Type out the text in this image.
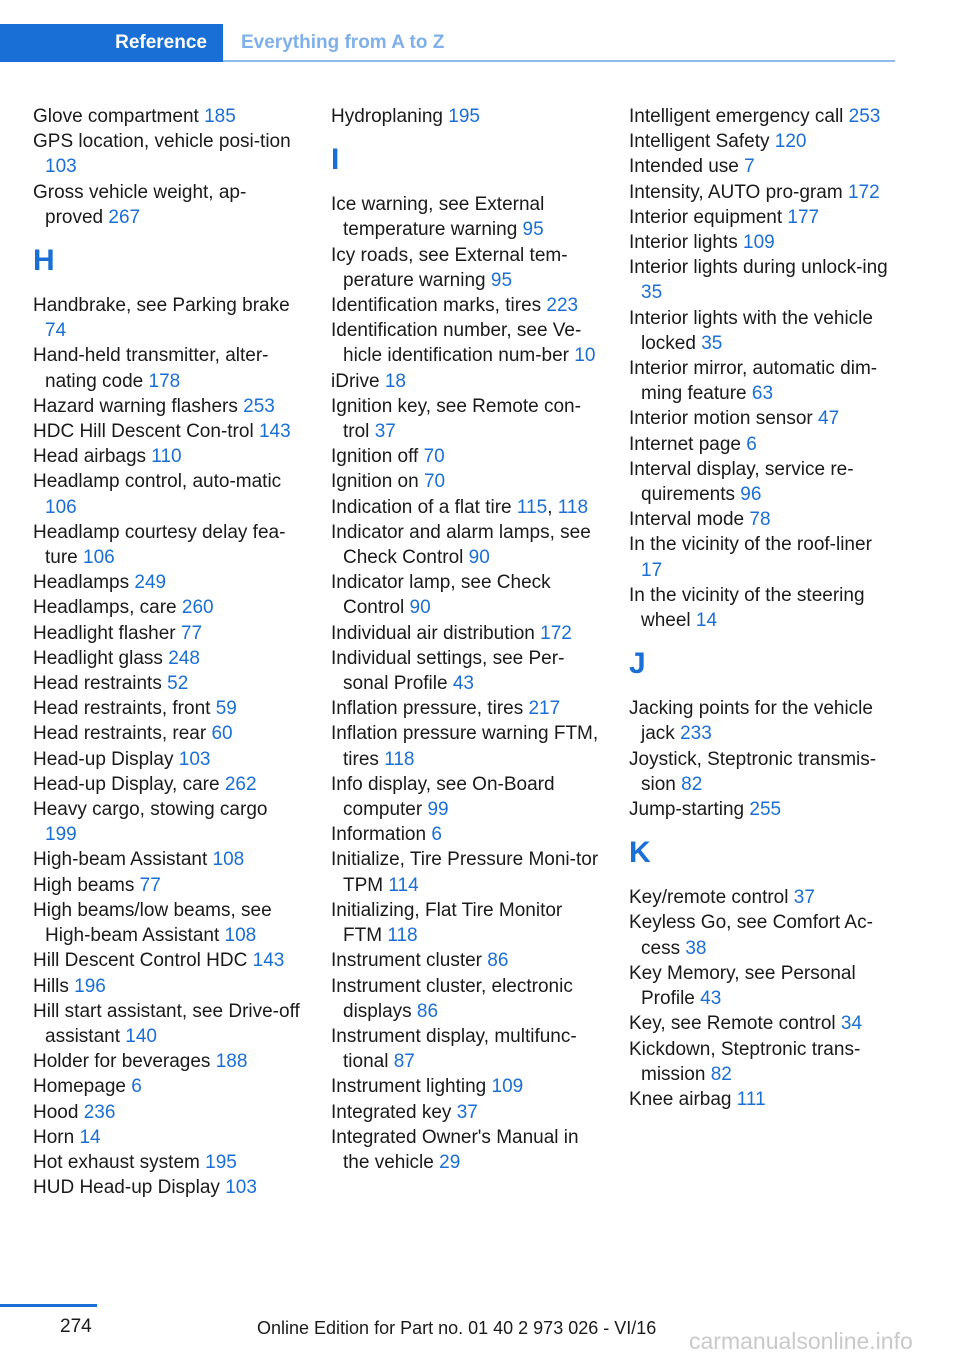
Reference	Everything from A to Z
Glove compartment 185
GPS location, vehicle posi-tion 103
Gross vehicle weight, ap-proved 267
H
Handbrake, see Parking brake 74
Hand-held transmitter, alter-nating code 178
Hazard warning flashers 253
HDC Hill Descent Con-trol 143
Head airbags 110
Headlamp control, auto-matic 106
Headlamp courtesy delay fea-ture 106
Headlamps 249
Headlamps, care 260
Headlight flasher 77
Headlight glass 248
Head restraints 52
Head restraints, front 59
Head restraints, rear 60
Head-up Display 103
Head-up Display, care 262
Heavy cargo, stowing cargo 199
High-beam Assistant 108
High beams 77
High beams/low beams, see High-beam Assistant 108
Hill Descent Control HDC 143
Hills 196
Hill start assistant, see Drive-off assistant 140
Holder for beverages 188
Homepage 6
Hood 236
Horn 14
Hot exhaust system 195
HUD Head-up Display 103
Hydroplaning 195
I
Ice warning, see External temperature warning 95
Icy roads, see External tem-perature warning 95
Identification marks, tires 223
Identification number, see Ve-hicle identification num-ber 10
iDrive 18
Ignition key, see Remote con-trol 37
Ignition off 70
Ignition on 70
Indication of a flat tire 115, 118
Indicator and alarm lamps, see Check Control 90
Indicator lamp, see Check Control 90
Individual air distribution 172
Individual settings, see Per-sonal Profile 43
Inflation pressure, tires 217
Inflation pressure warning FTM, tires 118
Info display, see On-Board computer 99
Information 6
Initialize, Tire Pressure Moni-tor TPM 114
Initializing, Flat Tire Monitor FTM 118
Instrument cluster 86
Instrument cluster, electronic displays 86
Instrument display, multifunc-tional 87
Instrument lighting 109
Integrated key 37
Integrated Owner's Manual in the vehicle 29
Intelligent emergency call 253
Intelligent Safety 120
Intended use 7
Intensity, AUTO pro-gram 172
Interior equipment 177
Interior lights 109
Interior lights during unlock-ing 35
Interior lights with the vehicle locked 35
Interior mirror, automatic dim-ming feature 63
Interior motion sensor 47
Internet page 6
Interval display, service re-quirements 96
Interval mode 78
In the vicinity of the roof-liner 17
In the vicinity of the steering wheel 14
J
Jacking points for the vehicle jack 233
Joystick, Steptronic transmis-sion 82
Jump-starting 255
K
Key/remote control 37
Keyless Go, see Comfort Ac-cess 38
Key Memory, see Personal Profile 43
Key, see Remote control 34
Kickdown, Steptronic trans-mission 82
Knee airbag 111
274	Online Edition for Part no. 01 40 2 973 026 - VI/16 carmanualsonline.info
